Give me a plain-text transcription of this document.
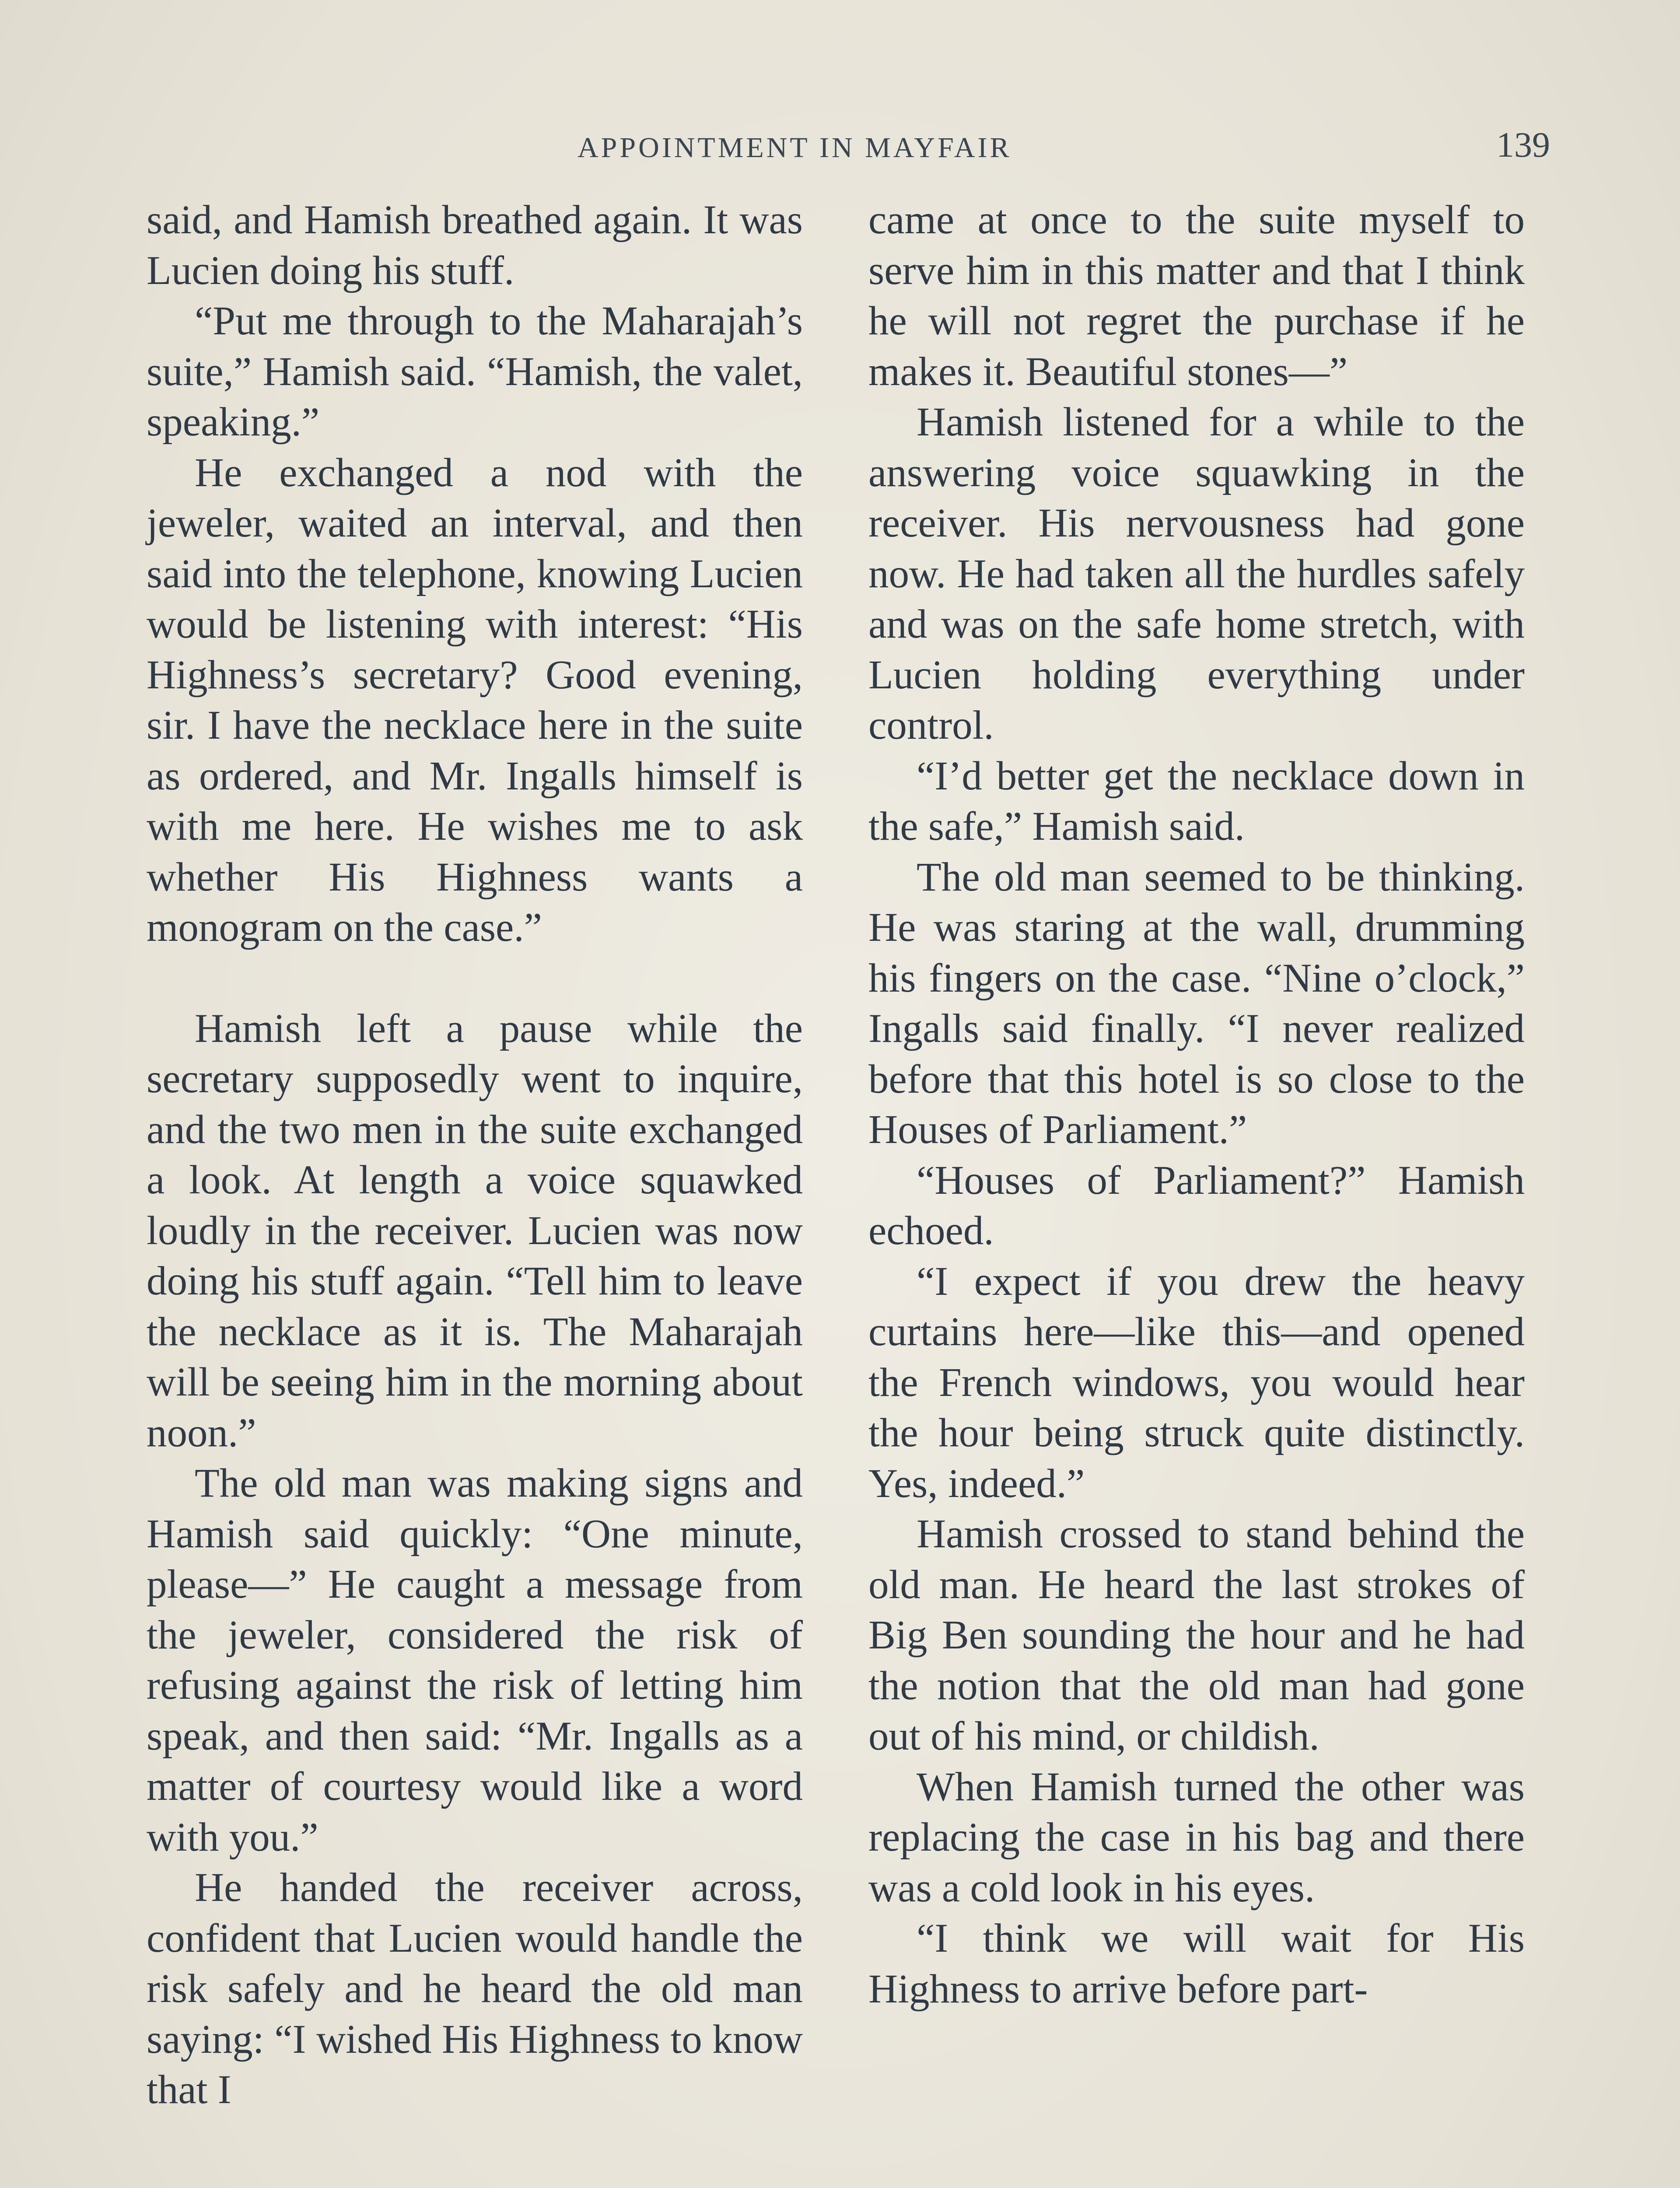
APPOINTMENT IN MAYFAIR	139

said, and Hamish breathed again. It was Lucien doing his stuff.

“Put me through to the Maharajah’s suite,” Hamish said. “Hamish, the valet, speaking.”

He exchanged a nod with the jeweler, waited an interval, and then said into the telephone, knowing Lucien would be listening with interest: “His Highness’s secretary? Good evening, sir. I have the necklace here in the suite as ordered, and Mr. Ingalls himself is with me here. He wishes me to ask whether His Highness wants a monogram on the case.”

Hamish left a pause while the secretary supposedly went to inquire, and the two men in the suite exchanged a look. At length a voice squawked loudly in the receiver. Lucien was now doing his stuff again. “Tell him to leave the necklace as it is. The Maharajah will be seeing him in the morning about noon.”

The old man was making signs and Hamish said quickly: “One minute, please—” He caught a message from the jeweler, considered the risk of refusing against the risk of letting him speak, and then said: “Mr. Ingalls as a matter of courtesy would like a word with you.”

He handed the receiver across, confident that Lucien would handle the risk safely and he heard the old man saying: “I wished His Highness to know that I

came at once to the suite myself to serve him in this matter and that I think he will not regret the purchase if he makes it. Beautiful stones—”

Hamish listened for a while to the answering voice squawking in the receiver. His nervousness had gone now. He had taken all the hurdles safely and was on the safe home stretch, with Lucien holding everything under control.

“I’d better get the necklace down in the safe,” Hamish said.

The old man seemed to be thinking. He was staring at the wall, drumming his fingers on the case. “Nine o’clock,” Ingalls said finally. “I never realized before that this hotel is so close to the Houses of Parliament.”

“Houses of Parliament?” Hamish echoed.

“I expect if you drew the heavy curtains here—like this—and opened the French windows, you would hear the hour being struck quite distinctly. Yes, indeed.”

Hamish crossed to stand behind the old man. He heard the last strokes of Big Ben sounding the hour and he had the notion that the old man had gone out of his mind, or childish.

When Hamish turned the other was replacing the case in his bag and there was a cold look in his eyes.

“I think we will wait for His Highness to arrive before part-
